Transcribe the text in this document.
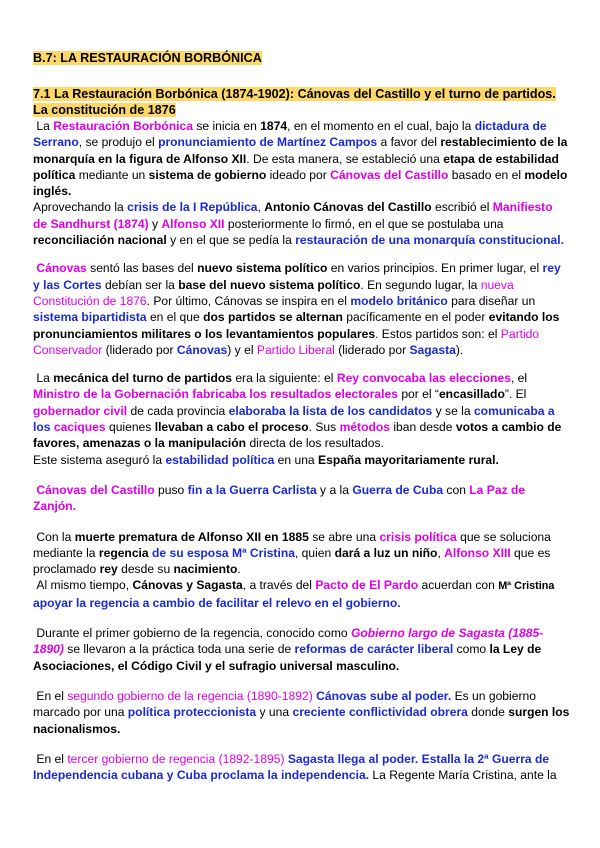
B.7: LA RESTAURACIÓN BORBÓNICA
7.1 La Restauración Borbónica (1874-1902): Cánovas del Castillo y el turno de partidos. La constitución de 1876

La Restauración Borbónica se inicia en 1874, en el momento en el cual, bajo la dictadura de Serrano, se produjo el pronunciamiento de Martínez Campos a favor del restablecimiento de la monarquía en la figura de Alfonso XII. De esta manera, se estableció una etapa de estabilidad política mediante un sistema de gobierno ideado por Cánovas del Castillo basado en el modelo inglés.

Aprovechando la crisis de la I República, Antonio Cánovas del Castillo escribió el Manifiesto de Sandhurst (1874) y Alfonso XII posteriormente lo firmó, en el que se postulaba una reconciliación nacional y en el que se pedía la restauración de una monarquía constitucional.

Cánovas sentó las bases del nuevo sistema político en varios principios. En primer lugar, el rey y las Cortes debían ser la base del nuevo sistema político. En segundo lugar, la nueva Constitución de 1876. Por último, Cánovas se inspira en el modelo británico para diseñar un sistema bipartidista en el que dos partidos se alternan pacíficamente en el poder evitando los pronunciamientos militares o los levantamientos populares. Estos partidos son: el Partido Conservador (liderado por Cánovas) y el Partido Liberal (liderado por Sagasta).

La mecánica del turno de partidos era la siguiente: el Rey convocaba las elecciones, el Ministro de la Gobernación fabricaba los resultados electorales por el “encasillado”. El gobernador civil de cada provincia elaboraba la lista de los candidatos y se la comunicaba a los caciques quienes llevaban a cabo el proceso. Sus métodos iban desde votos a cambio de favores, amenazas o la manipulación directa de los resultados.

Este sistema aseguró la estabilidad política en una España mayoritariamente rural.

Cánovas del Castillo puso fin a la Guerra Carlista y a la Guerra de Cuba con La Paz de Zanjón.

Con la muerte prematura de Alfonso XII en 1885 se abre una crisis política que se soluciona mediante la regencia de su esposa Mª Cristina, quien dará a luz un niño, Alfonso XIII que es proclamado rey desde su nacimiento.

Al mismo tiempo, Cánovas y Sagasta, a través del Pacto de El Pardo acuerdan con Mª Cristina apoyar la regencia a cambio de facilitar el relevo en el gobierno.

Durante el primer gobierno de la regencia, conocido como Gobierno largo de Sagasta (1885-1890) se llevaron a la práctica toda una serie de reformas de carácter liberal como la Ley de Asociaciones, el Código Civil y el sufragio universal masculino.

En el segundo gobierno de la regencia (1890-1892) Cánovas sube al poder. Es un gobierno marcado por una política proteccionista y una creciente conflictividad obrera donde surgen los nacionalismos.

En el tercer gobierno de regencia (1892-1895) Sagasta llega al poder. Estalla la 2ª Guerra de Independencia cubana y Cuba proclama la independencia. La Regente María Cristina, ante la
